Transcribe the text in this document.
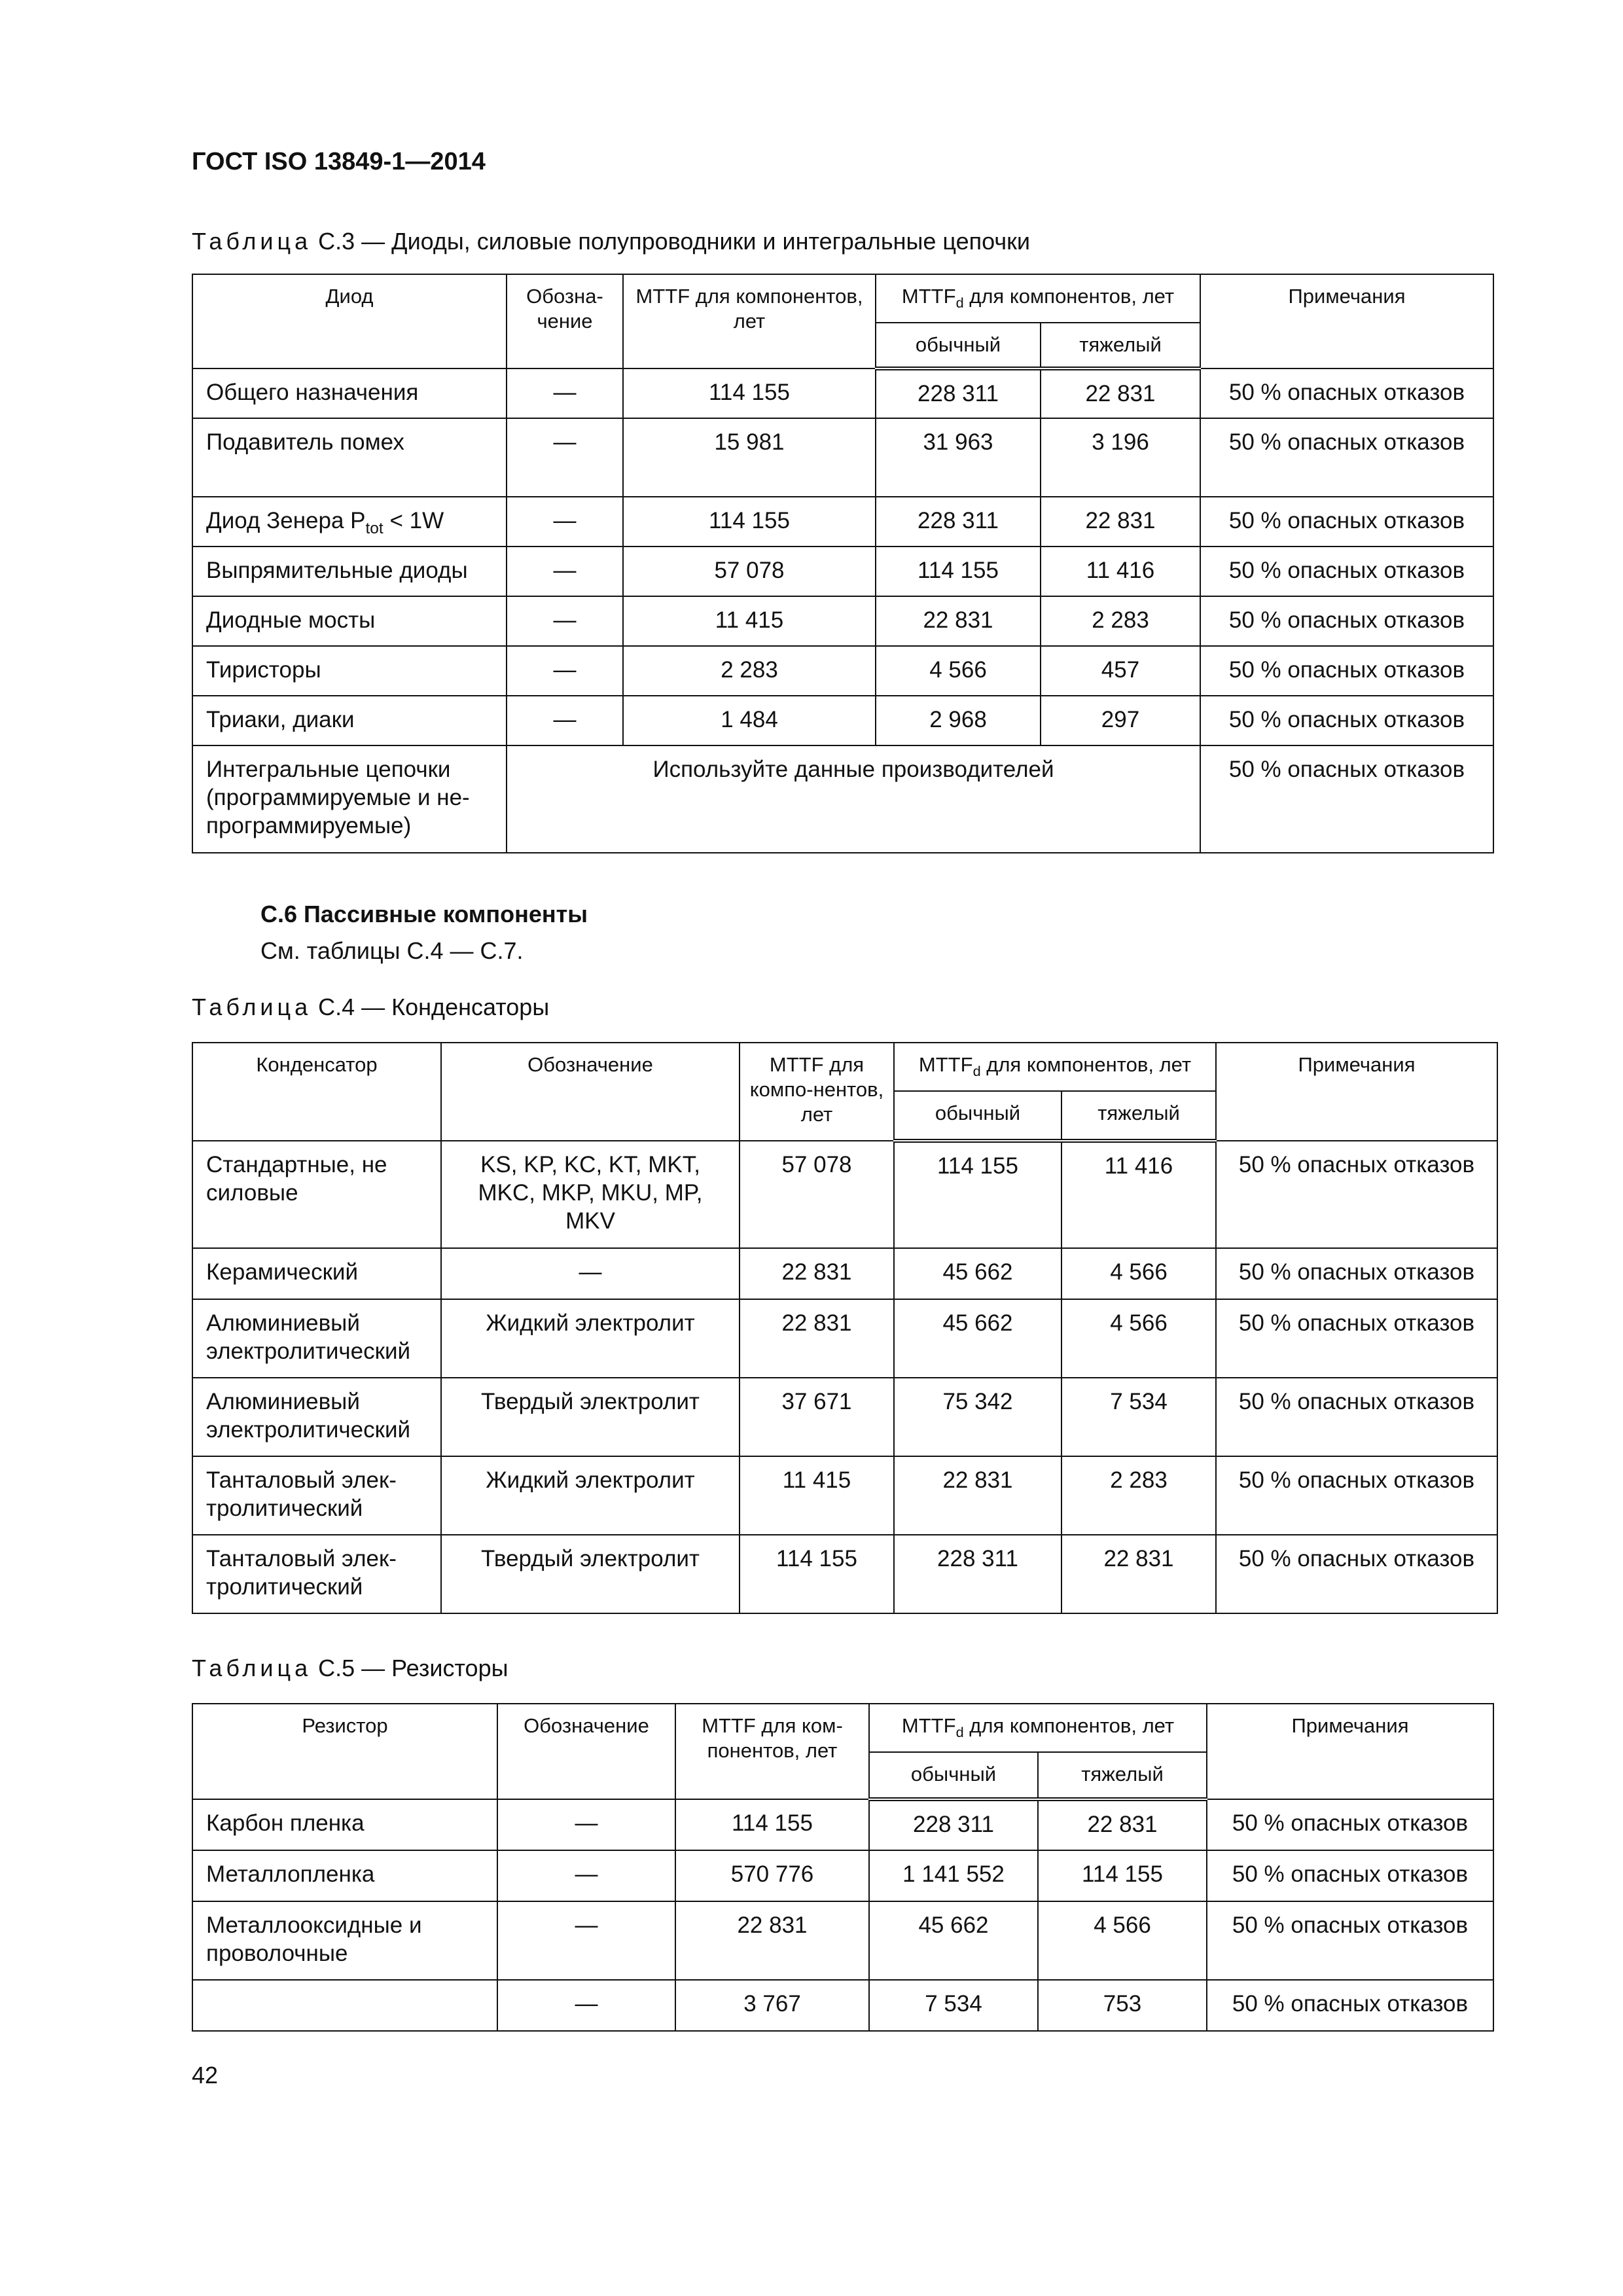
ГОСТ ISO 13849-1—2014
Таблица С.3 — Диоды, силовые полупроводники и интегральные цепочки
Диод	Обозна-чение	MTTF для компонентов, лет	$MTTF_d$ для компонентов, лет		Примечания
			обычный	тяжелый	
Общего назначения	—	114 155	228 311	22 831	50 % опасных отказов
Подавитель помех	—	15 981	31 963	3 196	50 % опасных отказов
Диод Зенера $P_{tot} < 1W$	—	114 155	228 311	22 831	50 % опасных отказов
Выпрямительные диоды	—	57 078	114 155	11 416	50 % опасных отказов
Диодные мосты	—	11 415	22 831	2 283	50 % опасных отказов
Тиристоры	—	2 283	4 566	457	50 % опасных отказов
Триаки, диаки	—	1 484	2 968	297	50 % опасных отказов
Интегральные цепочки (программируемые и не-программируемые)	Используйте данные производителей				50 % опасных отказов
С.6 Пассивные компоненты
См. таблицы С.4 — С.7.
Таблица С.4 — Конденсаторы
Конденсатор	Обозначение	MTTF для компо-нентов, лет	$MTTF_d$ для компонентов, лет		Примечания
			обычный	тяжелый	
Стандартные, не силовые	KS, KP, KC, KT, MKT, MKC, MKP, MKU, MP, MKV	57 078	114 155	11 416	50 % опасных отказов
Керамический	—	22 831	45 662	4 566	50 % опасных отказов
Алюминиевый электролитический	Жидкий электролит	22 831	45 662	4 566	50 % опасных отказов
Алюминиевый электролитический	Твердый электролит	37 671	75 342	7 534	50 % опасных отказов
Танталовый элек-тролитический	Жидкий электролит	11 415	22 831	2 283	50 % опасных отказов
Танталовый элек-тролитический	Твердый электролит	114 155	228 311	22 831	50 % опасных отказов
Таблица С.5 — Резисторы
Резистор	Обозначение	MTTF для ком-понентов, лет	$MTTF_d$ для компонентов, лет		Примечания
			обычный	тяжелый	
Карбон пленка	—	114 155	228 311	22 831	50 % опасных отказов
Металлопленка	—	570 776	1 141 552	114 155	50 % опасных отказов
Металлооксидные и проволочные	—	22 831	45 662	4 566	50 % опасных отказов
	—	3 767	7 534	753	50 % опасных отказов
42
